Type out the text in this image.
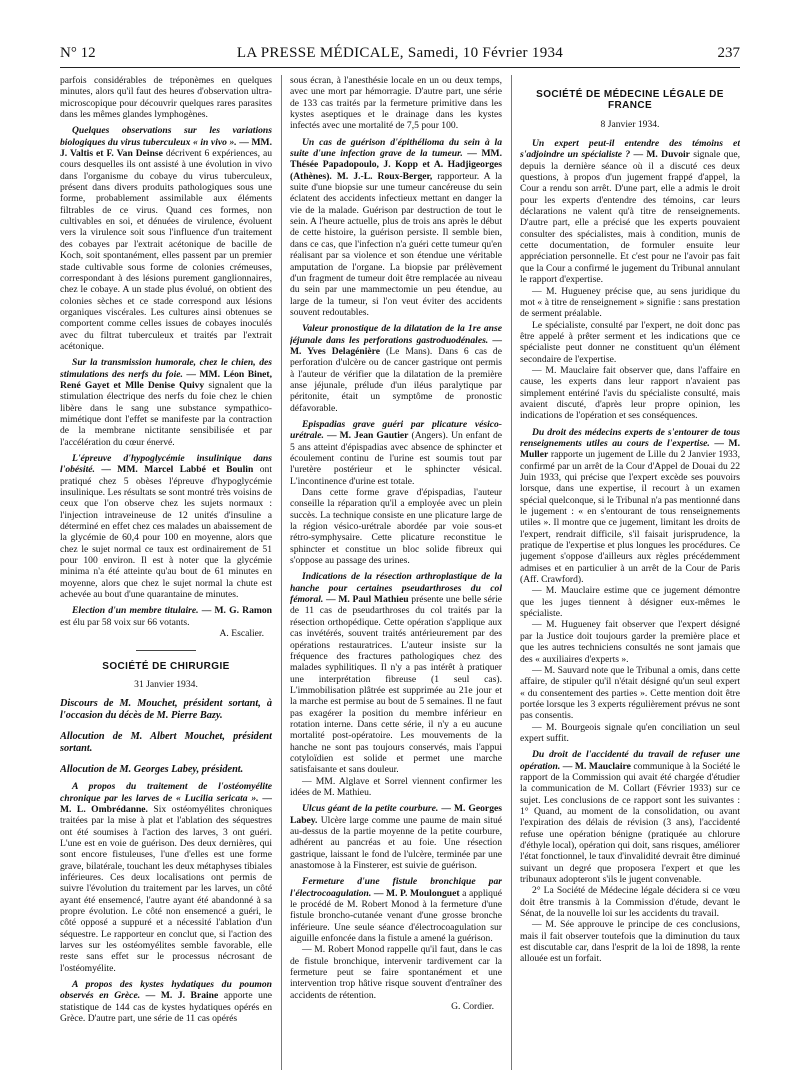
N° 12	LA PRESSE MÉDICALE, Samedi, 10 Février 1934	237

parfois considérables de tréponèmes en quelques minutes, alors qu'il faut des heures d'observation ultra-microscopique pour découvrir quelques rares parasites dans les mêmes glandes lymphogènes.

Quelques observations sur les variations biologiques du virus tuberculeux « in vivo ». — MM. J. Valtis et F. Van Deinse décrivent 6 expériences, au cours desquelles ils ont assisté à une évolution in vivo dans l'organisme du cobaye du virus tuberculeux, présent dans divers produits pathologiques sous une forme, probablement assimilable aux éléments filtrables de ce virus. Quand ces formes, non cultivables en soi, et dénuées de virulence, évoluent vers la virulence soit sous l'influence d'un traitement des cobayes par l'extrait acétonique de bacille de Koch, soit spontanément, elles passent par un premier stade cultivable sous forme de colonies crémeuses, correspondant à des lésions purement ganglionnaires, chez le cobaye. A un stade plus évolué, on obtient des colonies sèches et ce stade correspond aux lésions organiques viscérales. Les cultures ainsi obtenues se comportent comme celles issues de cobayes inoculés avec du filtrat tuberculeux et traités par l'extrait acétonique.

Sur la transmission humorale, chez le chien, des stimulations des nerfs du foie. — MM. Léon Binet, René Gayet et Mlle Denise Quivy signalent que la stimulation électrique des nerfs du foie chez le chien libère dans le sang une substance sympathico-mimétique dont l'effet se manifeste par la contraction de la membrane nictitante sensibilisée et par l'accélération du cœur énervé.

L'épreuve d'hypoglycémie insulinique dans l'obésité. — MM. Marcel Labbé et Boulin ont pratiqué chez 5 obèses l'épreuve d'hypoglycémie insulinique. Les résultats se sont montré très voisins de ceux que l'on observe chez les sujets normaux : l'injection intraveineuse de 12 unités d'insuline a déterminé en effet chez ces malades un abaissement de la glycémie de 60,4 pour 100 en moyenne, alors que chez le sujet normal ce taux est ordinairement de 51 pour 100 environ. Il est à noter que la glycémie minima n'a été atteinte qu'au bout de 61 minutes en moyenne, alors que chez le sujet normal la chute est achevée au bout d'une quarantaine de minutes.

Election d'un membre titulaire. — M. G. Ramon est élu par 58 voix sur 66 votants.

A. Escalier.

SOCIÉTÉ DE CHIRURGIE

31 Janvier 1934.

Discours de M. Mouchet, président sortant, à l'occasion du décès de M. Pierre Bazy.

Allocution de M. Albert Mouchet, président sortant.

Allocution de M. Georges Labey, président.

A propos du traitement de l'ostéomyélite chronique par les larves de « Lucilia sericata ». — M. L. Ombrédanne. Six ostéomyélites chroniques traitées par la mise à plat et l'ablation des séquestres ont été soumises à l'action des larves, 3 ont guéri. L'une est en voie de guérison. Des deux dernières, qui sont encore fistuleuses, l'une d'elles est une forme grave, bilatérale, touchant les deux métaphyses tibiales inférieures. Ces deux localisations ont permis de suivre l'évolution du traitement par les larves, un côté ayant été ensemencé, l'autre ayant été abandonné à sa propre évolution. Le côté non ensemencé a guéri, le côté opposé a suppuré et a nécessité l'ablation d'un séquestre. Le rapporteur en conclut que, si l'action des larves sur les ostéomyélites semble favorable, elle reste sans effet sur le processus nécrosant de l'ostéomyélite.

A propos des kystes hydatiques du poumon observés en Grèce. — M. J. Braine apporte une statistique de 144 cas de kystes hydatiques opérés en Grèce. D'autre part, une série de 11 cas opérés

sous écran, à l'anesthésie locale en un ou deux temps, avec une mort par hémorragie. D'autre part, une série de 133 cas traités par la fermeture primitive dans les kystes aseptiques et le drainage dans les kystes infectés avec une mortalité de 7,5 pour 100.

Un cas de guérison d'épithélioma du sein à la suite d'une infection grave de la tumeur. — MM. Thésée Papadopoulo, J. Kopp et A. Hadjigeorges (Athènes). M. J.-L. Roux-Berger, rapporteur. A la suite d'une biopsie sur une tumeur cancéreuse du sein éclatent des accidents infectieux mettant en danger la vie de la malade. Guérison par destruction de tout le sein. A l'heure actuelle, plus de trois ans après le début de cette histoire, la guérison persiste. Il semble bien, dans ce cas, que l'infection n'a guéri cette tumeur qu'en réalisant par sa violence et son étendue une véritable amputation de l'organe. La biopsie par prélèvement d'un fragment de tumeur doit être remplacée au niveau du sein par une mammectomie un peu étendue, au large de la tumeur, si l'on veut éviter des accidents souvent redoutables.

Valeur pronostique de la dilatation de la 1re anse jéjunale dans les perforations gastroduodénales. — M. Yves Delagénière (Le Mans). Dans 6 cas de perforation d'ulcère ou de cancer gastrique ont permis à l'auteur de vérifier que la dilatation de la première anse jéjunale, prélude d'un iléus paralytique par péritonite, était un symptôme de pronostic défavorable.

Epispadias grave guéri par plicature vésico-urétrale. — M. Jean Gautier (Angers). Un enfant de 5 ans atteint d'épispadias avec absence de sphincter et écoulement continu de l'urine est soumis tout par l'uretère postérieur et le sphincter vésical. L'incontinence d'urine est totale.

Dans cette forme grave d'épispadias, l'auteur conseille la réparation qu'il a employée avec un plein succès. La technique consiste en une plicature large de la région vésico-urétrale abordée par voie sous-et rétro-symphysaire. Cette plicature reconstitue le sphincter et constitue un bloc solide fibreux qui s'oppose au passage des urines.

Indications de la résection arthroplastique de la hanche pour certaines pseudarthroses du col fémoral. — M. Paul Mathieu présente une belle série de 11 cas de pseudarthroses du col traités par la résection orthopédique. Cette opération s'applique aux cas invétérés, souvent traités antérieurement par des opérations restauratrices. L'auteur insiste sur la fréquence des fractures pathologiques chez des malades syphilitiques. Il n'y a pas intérêt à pratiquer une interprétation fibreuse (1 seul cas). L'immobilisation plâtrée est supprimée au 21e jour et la marche est permise au bout de 5 semaines. Il ne faut pas exagérer la position du membre inférieur en rotation interne. Dans cette série, il n'y a eu aucune mortalité post-opératoire. Les mouvements de la hanche ne sont pas toujours conservés, mais l'appui cotyloïdien est solide et permet une marche satisfaisante et sans douleur.

— MM. Alglave et Sorrel viennent confirmer les idées de M. Mathieu.

Ulcus géant de la petite courbure. — M. Georges Labey. Ulcère large comme une paume de main situé au-dessus de la partie moyenne de la petite courbure, adhérent au pancréas et au foie. Une résection gastrique, laissant le fond de l'ulcère, terminée par une anastomose à la Finsterer, est suivie de guérison.

Fermeture d'une fistule bronchique par l'électrocoagulation. — M. P. Moulonguet a appliqué le procédé de M. Robert Monod à la fermeture d'une fistule broncho-cutanée venant d'une grosse bronche inférieure. Une seule séance d'électrocoagulation sur aiguille enfoncée dans la fistule a amené la guérison.

— M. Robert Monod rappelle qu'il faut, dans le cas de fistule bronchique, intervenir tardivement car la fermeture peut se faire spontanément et une intervention trop hâtive risque souvent d'entraîner des accidents de rétention.

G. Cordier.

SOCIÉTÉ DE MÉDECINE LÉGALE DE FRANCE

8 Janvier 1934.

Un expert peut-il entendre des témoins et s'adjoindre un spécialiste ? — M. Duvoir signale que, depuis la dernière séance où il a discuté ces deux questions, à propos d'un jugement frappé d'appel, la Cour a rendu son arrêt. D'une part, elle a admis le droit pour les experts d'entendre des témoins, car leurs déclarations ne valent qu'à titre de renseignements. D'autre part, elle a précisé que les experts pouvaient consulter des spécialistes, mais à condition, munis de cette documentation, de formuler ensuite leur appréciation personnelle. Et c'est pour ne l'avoir pas fait que la Cour a confirmé le jugement du Tribunal annulant le rapport d'expertise.

— M. Hugueney précise que, au sens juridique du mot « à titre de renseignement » signifie : sans prestation de serment préalable.

Le spécialiste, consulté par l'expert, ne doit donc pas être appelé à prêter serment et les indications que ce spécialiste peut donner ne constituent qu'un élément secondaire de l'expertise.

— M. Mauclaire fait observer que, dans l'affaire en cause, les experts dans leur rapport n'avaient pas simplement entériné l'avis du spécialiste consulté, mais avaient discuté, d'après leur propre opinion, les indications de l'opération et ses conséquences.

Du droit des médecins experts de s'entourer de tous renseignements utiles au cours de l'expertise. — M. Muller rapporte un jugement de Lille du 2 Janvier 1933, confirmé par un arrêt de la Cour d'Appel de Douai du 22 Juin 1933, qui précise que l'expert excède ses pouvoirs lorsque, dans une expertise, il recourt à un examen spécial quelconque, si le Tribunal n'a pas mentionné dans le jugement : « en s'entourant de tous renseignements utiles ». Il montre que ce jugement, limitant les droits de l'expert, rendrait difficile, s'il faisait jurisprudence, la pratique de l'expertise et plus longues les procédures. Ce jugement s'oppose d'ailleurs aux règles précédemment admises et en particulier à un arrêt de la Cour de Paris (Aff. Crawford).

— M. Mauclaire estime que ce jugement démontre que les juges tiennent à désigner eux-mêmes le spécialiste.

— M. Hugueney fait observer que l'expert désigné par la Justice doit toujours garder la première place et que les autres techniciens consultés ne sont jamais que des « auxiliaires d'experts ».

— M. Sauvard note que le Tribunal a omis, dans cette affaire, de stipuler qu'il n'était désigné qu'un seul expert « du consentement des parties ». Cette mention doit être portée lorsque les 3 experts régulièrement prévus ne sont pas consentis.

— M. Bourgeois signale qu'en conciliation un seul expert suffit.

Du droit de l'accidenté du travail de refuser une opération. — M. Mauclaire communique à la Société le rapport de la Commission qui avait été chargée d'étudier la communication de M. Collart (Février 1933) sur ce sujet. Les conclusions de ce rapport sont les suivantes : 1° Quand, au moment de la consolidation, ou avant l'expiration des délais de révision (3 ans), l'accidenté refuse une opération bénigne (pratiquée au chlorure d'éthyle local), opération qui doit, sans risques, améliorer l'état fonctionnel, le taux d'invalidité devrait être diminué suivant un degré que proposera l'expert et que les tribunaux adopteront s'ils le jugent convenable.

2° La Société de Médecine légale décidera si ce vœu doit être transmis à la Commission d'étude, devant le Sénat, de la nouvelle loi sur les accidents du travail.

— M. Sée approuve le principe de ces conclusions, mais il fait observer toutefois que la diminution du taux est discutable car, dans l'esprit de la loi de 1898, la rente allouée est un forfait.
